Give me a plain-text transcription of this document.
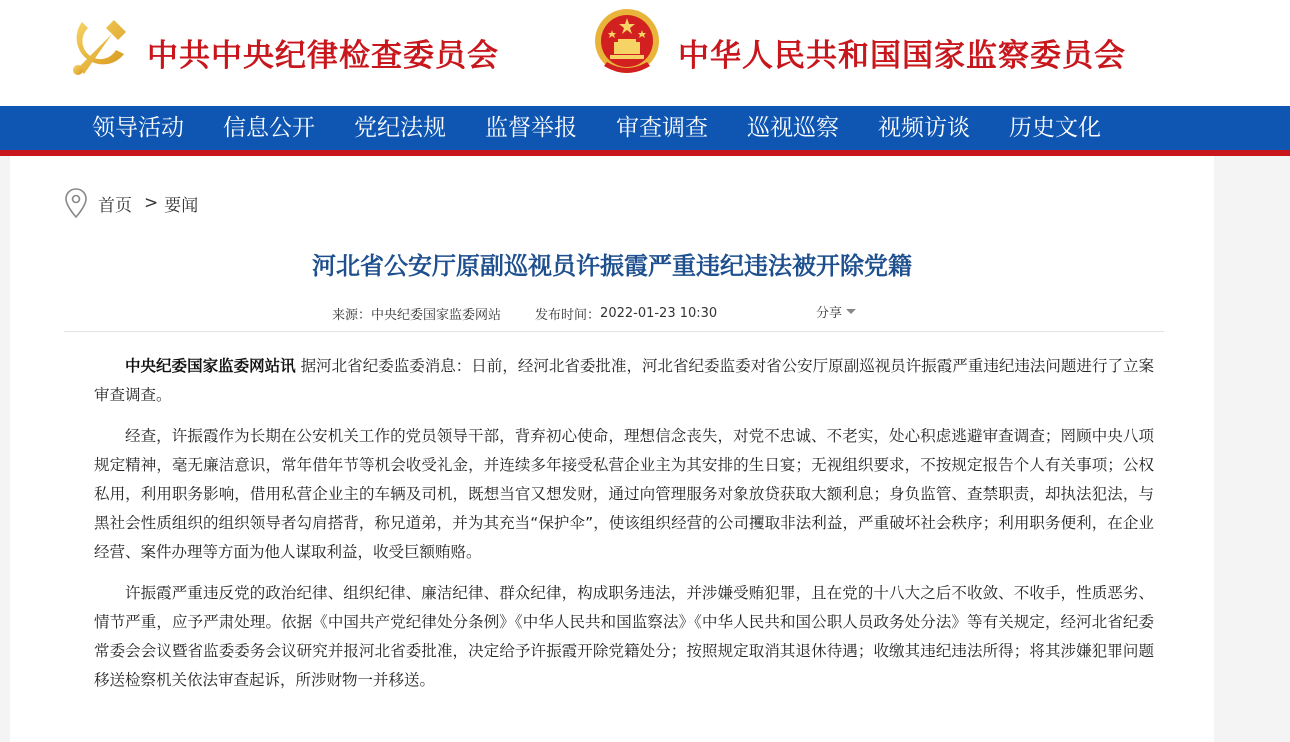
中共中央纪律检查委员会	中华人民共和国国家监察委员会
领导活动 信息公开 党纪法规 监督举报 审查调查 巡视巡察 视频访谈 历史文化
首页 > 要闻
河北省公安厅原副巡视员许振霞严重违纪违法被开除党籍
来源： 中央纪委国家监委网站	发布时间： 2022-01-23 10:30	分享

中央纪委国家监委网站讯 据河北省纪委监委消息：日前，经河北省委批准，河北省纪委监委对省公安厅原副巡视员许振霞严重违纪违法问题进行了立案审查调查。

经查，许振霞作为长期在公安机关工作的党员领导干部，背弃初心使命，理想信念丧失，对党不忠诚、不老实，处心积虑逃避审查调查；罔顾中央八项规定精神，毫无廉洁意识，常年借年节等机会收受礼金，并连续多年接受私营企业主为其安排的生日宴；无视组织要求，不按规定报告个人有关事项；公权私用，利用职务影响，借用私营企业主的车辆及司机，既想当官又想发财，通过向管理服务对象放贷获取大额利息；身负监管、查禁职责，却执法犯法，与黑社会性质组织的组织领导者勾肩搭背，称兄道弟，并为其充当“保护伞”，使该组织经营的公司攫取非法利益，严重破坏社会秩序；利用职务便利，在企业经营、案件办理等方面为他人谋取利益，收受巨额贿赂。

许振霞严重违反党的政治纪律、组织纪律、廉洁纪律、群众纪律，构成职务违法，并涉嫌受贿犯罪，且在党的十八大之后不收敛、不收手，性质恶劣、情节严重，应予严肃处理。依据《中国共产党纪律处分条例》《中华人民共和国监察法》《中华人民共和国公职人员政务处分法》等有关规定，经河北省纪委常委会会议暨省监委委务会议研究并报河北省委批准，决定给予许振霞开除党籍处分；按照规定取消其退休待遇；收缴其违纪违法所得；将其涉嫌犯罪问题移送检察机关依法审查起诉，所涉财物一并移送。
